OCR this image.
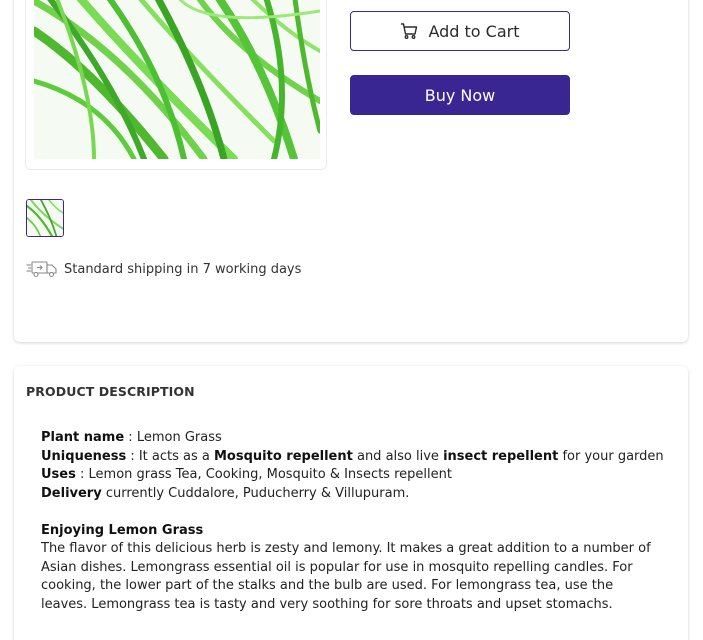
Add to Cart
Buy Now
Standard shipping in 7 working days
PRODUCT DESCRIPTION
Plant name : Lemon Grass
Uniqueness : It acts as a Mosquito repellent and also live insect repellent for your garden
Uses : Lemon grass Tea, Cooking, Mosquito & Insects repellent
Delivery currently Cuddalore, Puducherry & Villupuram.
Enjoying Lemon Grass
The flavor of this delicious herb is zesty and lemony. It makes a great addition to a number of Asian dishes. Lemongrass essential oil is popular for use in mosquito repelling candles. For cooking, the lower part of the stalks and the bulb are used. For lemongrass tea, use the leaves. Lemongrass tea is tasty and very soothing for sore throats and upset stomachs.
